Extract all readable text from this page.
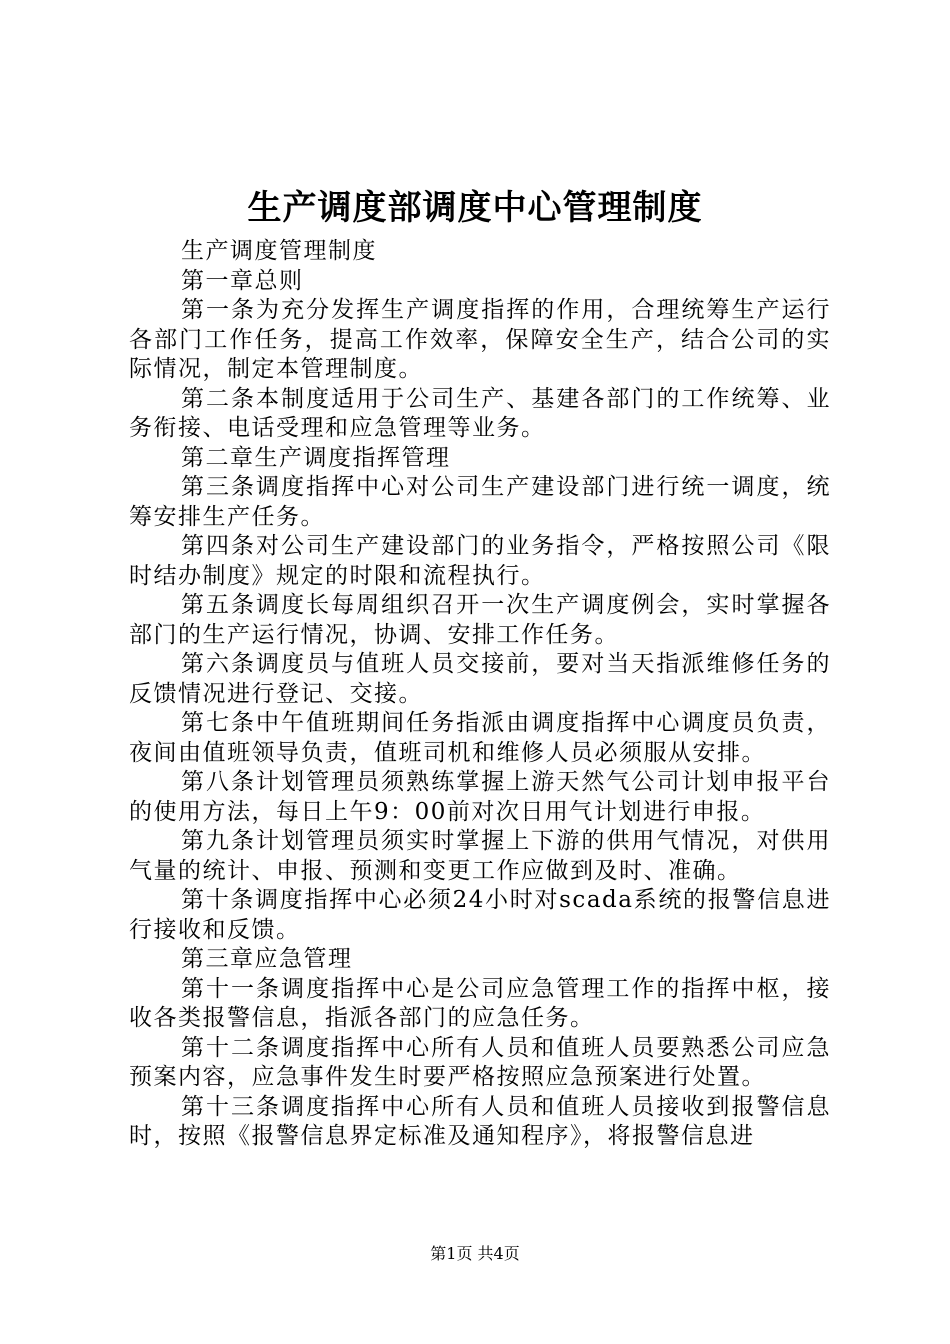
生产调度部调度中心管理制度

生产调度管理制度

第一章总则

第一条为充分发挥生产调度指挥的作用，合理统筹生产运行各部门工作任务，提高工作效率，保障安全生产，结合公司的实际情况，制定本管理制度。

第二条本制度适用于公司生产、基建各部门的工作统筹、业务衔接、电话受理和应急管理等业务。

第二章生产调度指挥管理

第三条调度指挥中心对公司生产建设部门进行统一调度，统筹安排生产任务。

第四条对公司生产建设部门的业务指令，严格按照公司《限时结办制度》规定的时限和流程执行。

第五条调度长每周组织召开一次生产调度例会，实时掌握各部门的生产运行情况，协调、安排工作任务。

第六条调度员与值班人员交接前，要对当天指派维修任务的反馈情况进行登记、交接。

第七条中午值班期间任务指派由调度指挥中心调度员负责，夜间由值班领导负责，值班司机和维修人员必须服从安排。

第八条计划管理员须熟练掌握上游天然气公司计划申报平台的使用方法，每日上午9：00前对次日用气计划进行申报。

第九条计划管理员须实时掌握上下游的供用气情况，对供用气量的统计、申报、预测和变更工作应做到及时、准确。

第十条调度指挥中心必须24小时对scada系统的报警信息进行接收和反馈。

第三章应急管理

第十一条调度指挥中心是公司应急管理工作的指挥中枢，接收各类报警信息，指派各部门的应急任务。

第十二条调度指挥中心所有人员和值班人员要熟悉公司应急预案内容，应急事件发生时要严格按照应急预案进行处置。

第十三条调度指挥中心所有人员和值班人员接收到报警信息时，按照《报警信息界定标准及通知程序》，将报警信息进

第1页 共4页
